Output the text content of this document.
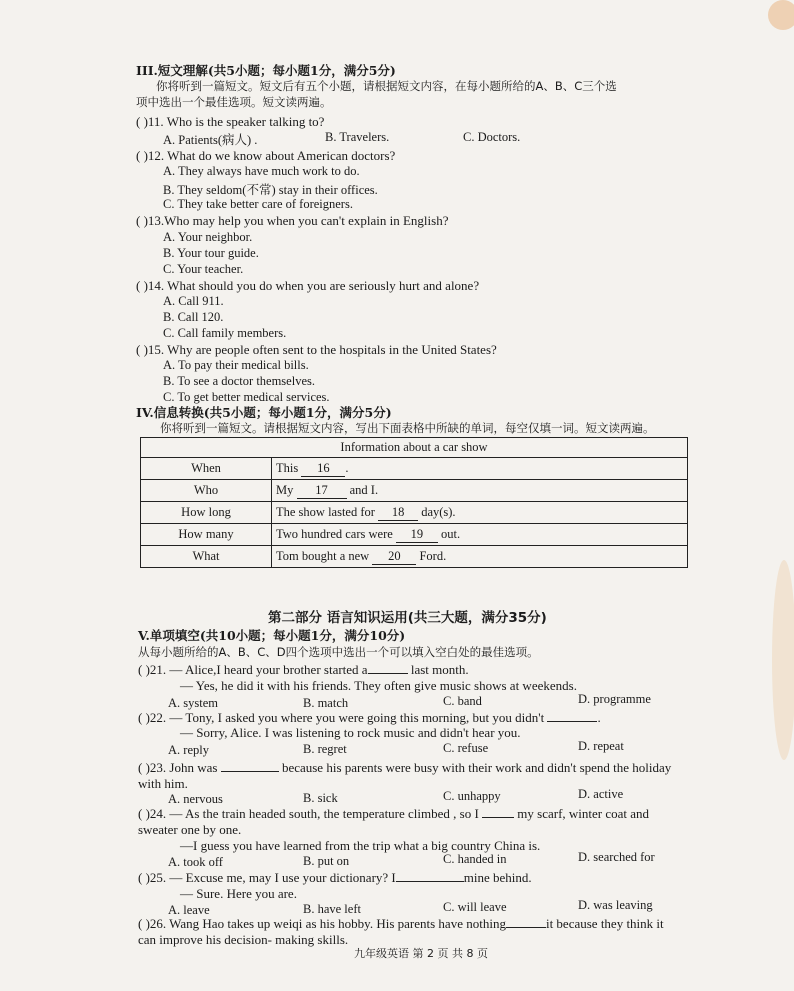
III.短文理解(共5小题；每小题1分，满分5分)
你将听到一篇短文。短文后有五个小题，请根据短文内容，在每小题所给的A、B、C三个选
项中选出一个最佳选项。短文读两遍。
( )11. Who is the speaker talking to?
A. Patients(病人) .	B. Travelers.	C. Doctors.
( )12. What do we know about American doctors?
A. They always have much work to do.
B. They seldom(不常) stay in their offices.
C. They take better care of foreigners.
( )13.Who may help you when you can't explain in English?
A. Your neighbor.
B. Your tour guide.
C. Your teacher.
( )14. What should you do when you are seriously hurt and alone?
A. Call 911.
B. Call 120.
C. Call family members.
( )15. Why are people often sent to the hospitals in the United States?
A. To pay their medical bills.
B. To see a doctor themselves.
C. To get better medical services.
IV.信息转换(共5小题；每小题1分，满分5分)
你将听到一篇短文。请根据短文内容，写出下面表格中所缺的单词，每空仅填一词。短文读两遍。
Information about a car show	
When	This 16 .
Who	My 17 and I.
How long	The show lasted for 18 day(s).
How many	Two hundred cars were 19 out.
What	Tom bought a new 20 Ford.
第二部分 语言知识运用(共三大题，满分35分)
V.单项填空(共10小题；每小题1分，满分10分)
从每小题所给的A、B、C、D四个选项中选出一个可以填入空白处的最佳选项。
( )21. — Alice,I heard your brother started a	last month.
— Yes, he did it with his friends. They often give music shows at weekends.
A. system	B. match	C. band	D. programme
( )22. — Tony, I asked you where you were going this morning, but you didn't	.
— Sorry, Alice. I was listening to rock music and didn't hear you.
A. reply	B. regret	C. refuse	D. repeat
( )23. John was	because his parents were busy with their work and didn't spend the holiday
with him.
A. nervous	B. sick	C. unhappy	D. active
( )24. — As the train headed south, the temperature climbed , so I	my scarf, winter coat and
sweater one by one.
—I guess you have learned from the trip what a big country China is.
A. took off	B. put on	C. handed in	D. searched for
( )25. — Excuse me, may I use your dictionary? I	mine behind.
— Sure. Here you are.
A. leave	B. have left	C. will leave	D. was leaving
( )26. Wang Hao takes up weiqi as his hobby. His parents have nothing	it because they think it
can improve his decision- making skills.
九年级英语 第 2 页 共 8 页
